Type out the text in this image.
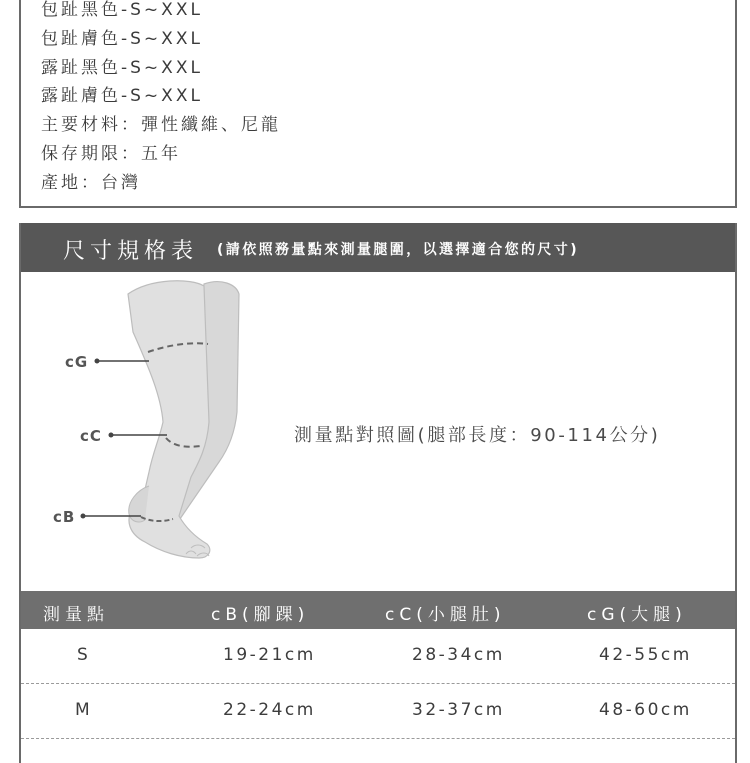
包趾黑色-S~XXL
包趾膚色-S~XXL
露趾黑色-S~XXL
露趾膚色-S~XXL
主要材料：彈性纖維、尼龍
保存期限：五年
產地：台灣
尺寸規格表 (請依照務量點來測量腿圍，以選擇適合您的尺寸)
cG
cC
cB
測量點對照圖(腿部長度：90-114公分)
測量點	cB(腳踝)	cC(小腿肚)	cG(大腿)
S	19-21cm	28-34cm	42-55cm
M	22-24cm	32-37cm	48-60cm
